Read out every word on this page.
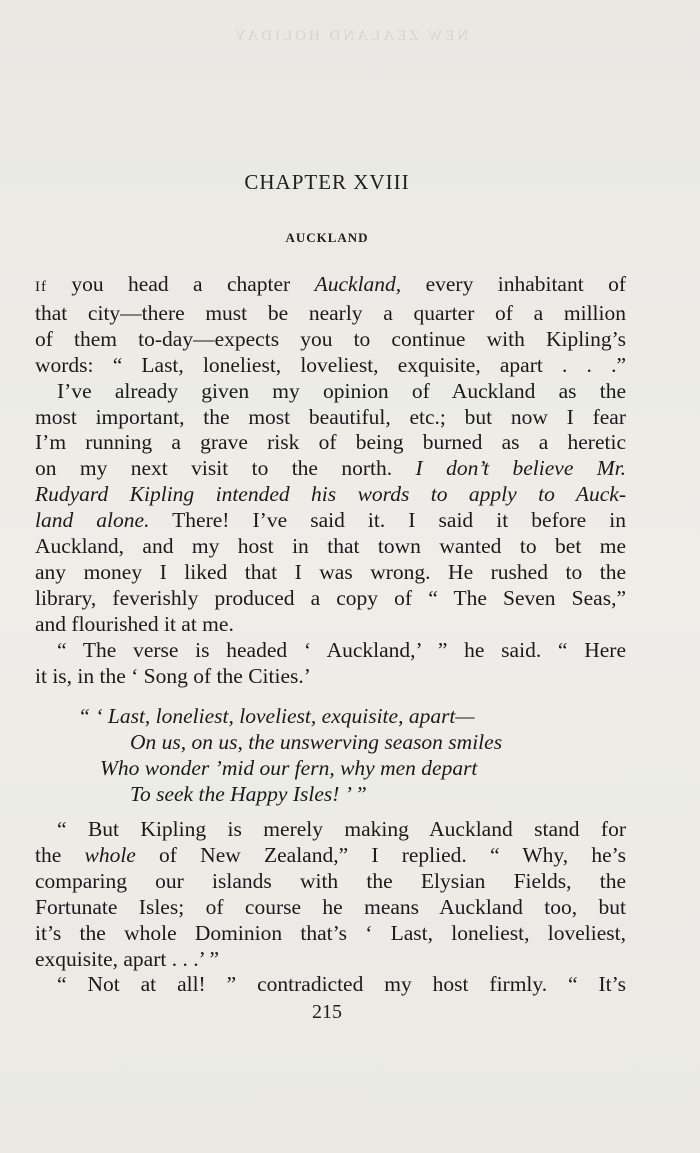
NEW ZEALAND HOLIDAY
CHAPTER XVIII
AUCKLAND
If you head a chapter Auckland, every inhabitant of
that city—there must be nearly a quarter of a million
of them to-day—expects you to continue with Kipling’s
words: “ Last, loneliest, loveliest, exquisite, apart . . .”
I’ve already given my opinion of Auckland as the
most important, the most beautiful, etc.; but now I fear
I’m running a grave risk of being burned as a heretic
on my next visit to the north. I don’t believe Mr.
Rudyard Kipling intended his words to apply to Auck-
land alone. There! I’ve said it. I said it before in
Auckland, and my host in that town wanted to bet me
any money I liked that I was wrong. He rushed to the
library, feverishly produced a copy of “ The Seven Seas,”
and flourished it at me.
“ The verse is headed ‘ Auckland,’ ” he said. “ Here
it is, in the ‘ Song of the Cities.’
“ ‘ Last, loneliest, loveliest, exquisite, apart—
On us, on us, the unswerving season smiles
Who wonder ’mid our fern, why men depart
To seek the Happy Isles! ’ ”
“ But Kipling is merely making Auckland stand for
the whole of New Zealand,” I replied. “ Why, he’s
comparing our islands with the Elysian Fields, the
Fortunate Isles; of course he means Auckland too, but
it’s the whole Dominion that’s ‘ Last, loneliest, loveliest,
exquisite, apart . . .’ ”
“ Not at all! ” contradicted my host firmly. “ It’s
215
